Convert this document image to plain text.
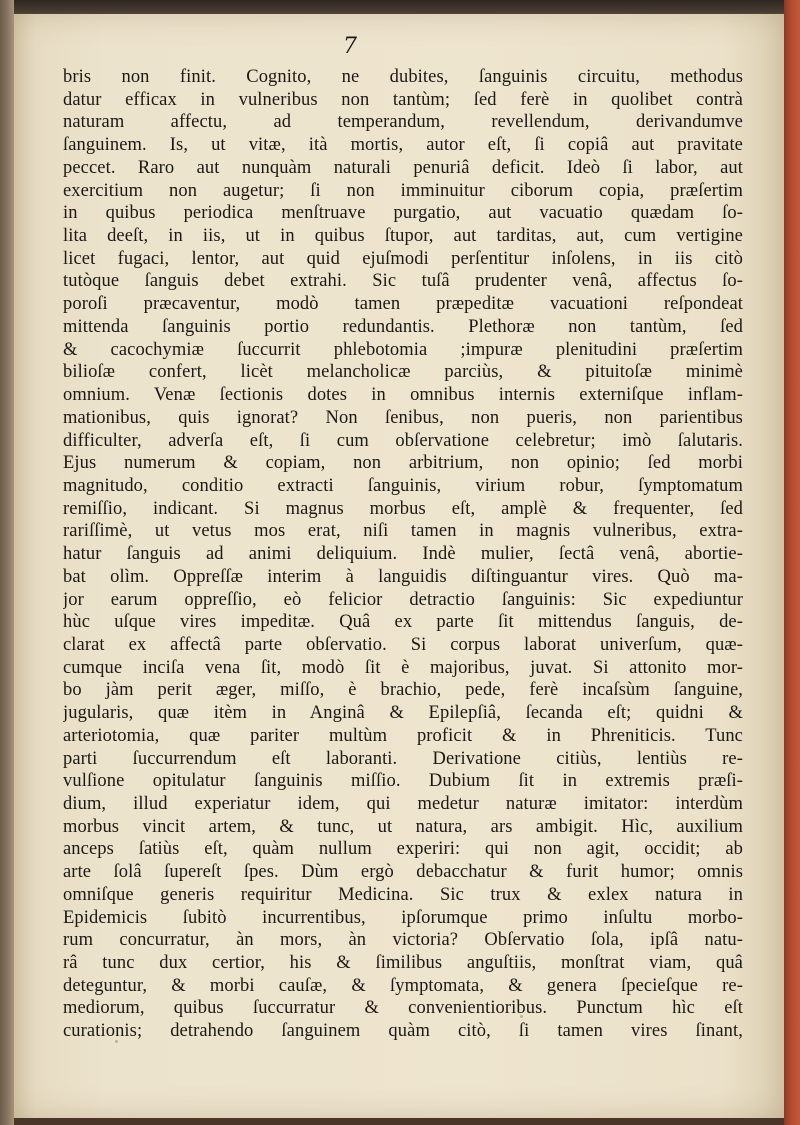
7
bris non finit. Cognito, ne dubites, ſanguinis circuitu, methodus
datur efficax in vulneribus non tantùm; ſed ferè in quolibet contrà
naturam affectu, ad temperandum, revellendum, derivandumve
ſanguinem. Is, ut vitæ, ità mortis, autor eſt, ſi copiâ aut pravitate
peccet. Raro aut nunquàm naturali penuriâ deficit. Ideò ſi labor, aut
exercitium non augetur; ſi non imminuitur ciborum copia, præſertim
in quibus periodica menſtruave purgatio, aut vacuatio quædam ſo-
lita deeſt, in iis, ut in quibus ſtupor, aut tarditas, aut, cum vertigine
licet fugaci, lentor, aut quid ejuſmodi perſentitur inſolens, in iis citò
tutòque ſanguis debet extrahi. Sic tuſâ prudenter venâ, affectus ſo-
poroſi præcaventur, modò tamen præpeditæ vacuationi reſpondeat
mittenda ſanguinis portio redundantis. Plethoræ non tantùm, ſed
& cacochymiæ ſuccurrit phlebotomia ;impuræ plenitudini præſertim
bilioſæ confert, licèt melancholicæ parciùs, & pituitoſæ minimè
omnium. Venæ ſectionis dotes in omnibus internis externiſque inflam-
mationibus, quis ignorat? Non ſenibus, non pueris, non parientibus
difficulter, adverſa eſt, ſi cum obſervatione celebretur; imò ſalutaris.
Ejus numerum & copiam, non arbitrium, non opinio; ſed morbi
magnitudo, conditio extracti ſanguinis, virium robur, ſymptomatum
remiſſio, indicant. Si magnus morbus eſt, amplè & frequenter, ſed
rariſſimè, ut vetus mos erat, niſi tamen in magnis vulneribus, extra-
hatur ſanguis ad animi deliquium. Indè mulier, ſectâ venâ, abortie-
bat olìm. Oppreſſæ interim à languidis diſtinguantur vires. Quò ma-
jor earum oppreſſio, eò felicior detractio ſanguinis: Sic expediuntur
hùc uſque vires impeditæ. Quâ ex parte ſit mittendus ſanguis, de-
clarat ex affectâ parte obſervatio. Si corpus laborat univerſum, quæ-
cumque inciſa vena ſit, modò ſit è majoribus, juvat. Si attonito mor-
bo jàm perit æger, miſſo, è brachio, pede, ferè incaſsùm ſanguine,
jugularis, quæ itèm in Anginâ & Epilepſiâ, ſecanda eſt; quidni &
arteriotomia, quæ pariter multùm proficit & in Phreniticis. Tunc
parti ſuccurrendum eſt laboranti. Derivatione citiùs, lentiùs re-
vulſione opitulatur ſanguinis miſſio. Dubium ſit in extremis præſi-
dium, illud experiatur idem, qui medetur naturæ imitator: interdùm
morbus vincit artem, & tunc, ut natura, ars ambigit. Hìc, auxilium
anceps ſatiùs eſt, quàm nullum experiri: qui non agit, occidit; ab
arte ſolâ ſupereſt ſpes. Dùm ergò debacchatur & furit humor; omnis
omniſque generis requiritur Medicina. Sic trux & exlex natura in
Epidemicis ſubitò incurrentibus, ipſorumque primo inſultu morbo-
rum concurratur, àn mors, àn victoria? Obſervatio ſola, ipſâ natu-
râ tunc dux certior, his & ſimilibus anguſtiis, monſtrat viam, quâ
deteguntur, & morbi cauſæ, & ſymptomata, & genera ſpecieſque re-
mediorum, quibus ſuccurratur & convenientioribus. Punctum hìc eſt
curationis; detrahendo ſanguinem quàm citò, ſi tamen vires ſinant,
